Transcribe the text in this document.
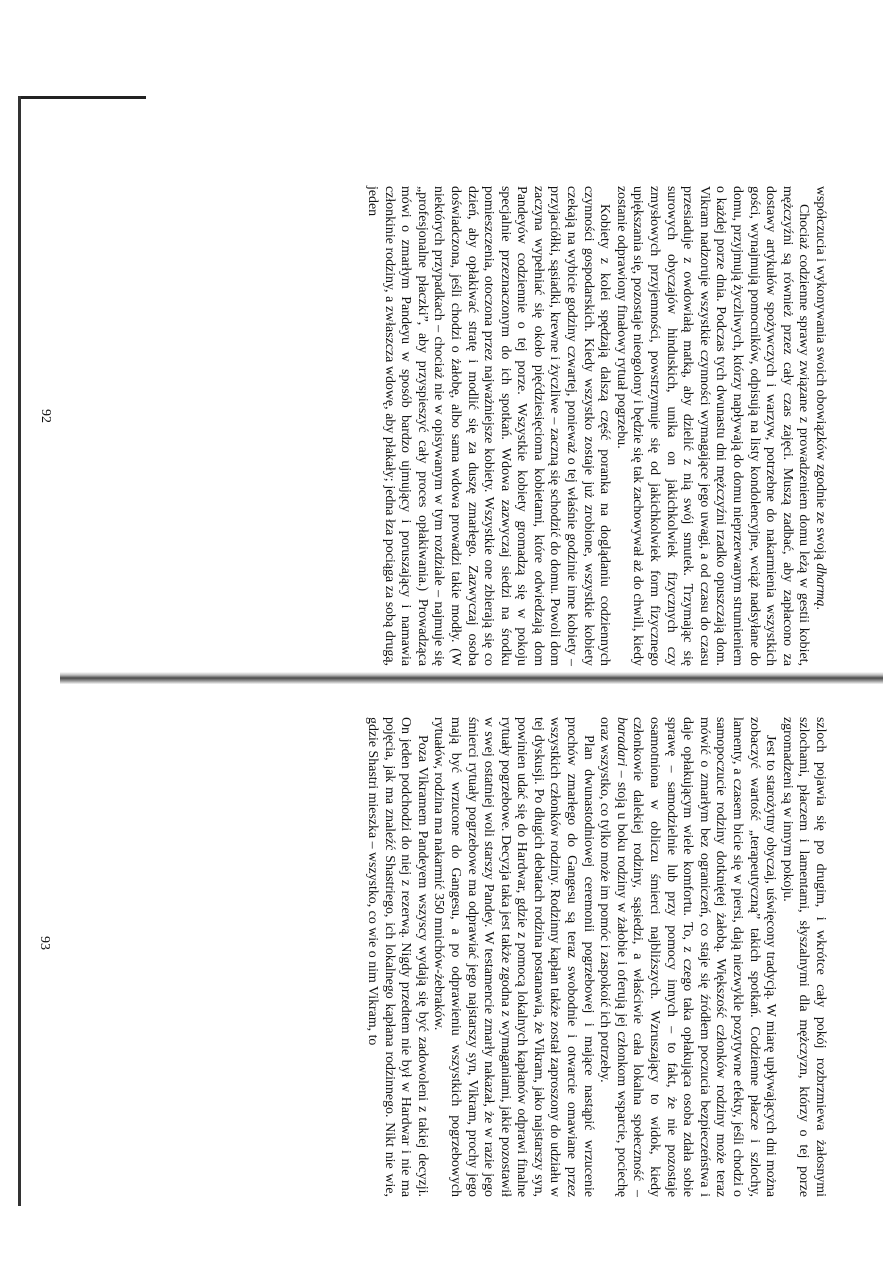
współczucia i wykonywania swoich obowiązków zgodnie ze swoją dharmą.

Chociaż codzienne sprawy związane z prowadzeniem domu leżą w gestii kobiet, mężczyźni są również przez cały czas zajęci. Muszą zadbać, aby zapłacono za dostawy artykułów spożywczych i warzyw, potrzebne do nakarmienia wszystkich gości, wynajmują pomocników, odpisują na listy kondolencyjne, wciąż nadsyłane do domu, przyjmują życzliwych, którzy napływają do domu nieprzerwanym strumieniem o każdej porze dnia. Podczas tych dwunastu dni mężczyźni rzadko opuszczają dom. Vikram nadzoruje wszystkie czynności wymagające jego uwagi, a od czasu do czasu przesiaduje z owdowiałą matką, aby dzielić z nią swój smutek. Trzymając się surowych obyczajów hinduskich, unika on jakichkolwiek fizycznych czy zmysłowych przyjemności, powstrzymuje się od jakichkolwiek form fizycznego upiększania się, pozostaje nieogolony i będzie się tak zachowywał aż do chwili, kiedy zostanie odprawiony finałowy rytuał pogrzebu.

Kobiety z kolei spędzają dalszą część poranka na doglądaniu codziennych czynności gospodarskich. Kiedy wszystko zostaje już zrobione, wszystkie kobiety czekają na wybicie godziny czwartej, ponieważ o tej właśnie godzinie inne kobiety – przyjaciółki, sąsiadki, krewne i życzliwe – zaczną się schodzić do domu. Powoli dom zaczyna wypełniać się około pięćdziesięcioma kobietami, które odwiedzają dom Pandeyów codziennie o tej porze. Wszystkie kobiety gromadzą się w pokoju specjalnie przeznaczonym do ich spotkań. Wdowa zazwyczaj siedzi na środku pomieszczenia, otoczona przez najważniejsze kobiety. Wszystkie one zbierają się co dzień, aby opłakiwać stratę i modlić się za duszę zmarłego. Zazwyczaj osoba doświadczona, jeśli chodzi o żałobę, albo sama wdowa prowadzi takie modły. (W niektórych przypadkach – chociaż nie w opisywanym w tym rozdziale – najmuje się „profesjonalne płaczki”, aby przyspieszyć cały proces opłakiwania.) Prowadząca mówi o zmarłym Pandeyu w sposób bardzo ujmujący i poruszający i namawia członkinie rodziny, a zwłaszcza wdowę, aby płakały; jedna łza pociąga za sobą drugą, jeden

92

szloch pojawia się po drugim, i wkrótce cały pokój rozbrzmiewa żałosnymi szlochami, płaczem i lamentami, słyszalnymi dla mężczyzn, którzy o tej porze zgromadzeni są w innym pokoju.

Jest to starożytny obyczaj, uświęcony tradycją. W miarę upływających dni można zobaczyć wartość „terapeutyczną” takich spotkań. Codzienne płacze i szlochy, lamenty, a czasem bicie się w piersi, dają niezwykle pozytywne efekty, jeśli chodzi o samopoczucie rodziny dotkniętej żałobą. Większość członków rodziny może teraz mówić o zmarłym bez ograniczeń, co staje się źródłem poczucia bezpieczeństwa i daje opłakującym wiele komfortu. To, z czego taka opłakująca osoba zdała sobie sprawę – samodzielnie lub przy pomocy innych – to fakt, że nie pozostaje osamotniona w obliczu śmierci najbliższych. Wzruszający to widok, kiedy członkowie dalekiej rodziny, sąsiedzi, a właściwie cała lokalna społeczność – baradari – stoją u boku rodziny w żałobie i oferują jej członkom wsparcie, pociechę oraz wszystko, co tylko może im pomóc i zaspokoić ich potrzeby.

Plan dwunastodniowej ceremonii pogrzebowej i mające nastąpić wrzucenie prochów zmarłego do Gangesu są teraz swobodnie i otwarcie omawiane przez wszystkich członków rodziny. Rodzinny kapłan także został zaproszony do udziału w tej dyskusji. Po długich debatach rodzina postanawia, że Vikram, jako najstarszy syn, powinien udać się do Hardwar, gdzie z pomocą lokalnych kapłanów odprawi finalne rytuały pogrzebowe. Decyzja taka jest także zgodna z wymaganiami, jakie pozostawił w swej ostatniej woli starszy Pandey. W testamencie zmarły nakazał, że w razie jego śmierci rytuały pogrzebowe ma odprawiać jego najstarszy syn, Vikram, prochy jego mają być wrzucone do Gangesu, a po odprawieniu wszystkich pogrzebowych rytuałów, rodzina ma nakarmić 350 mnichów-żebraków.

Poza Vikramem Pandeyem wszyscy wydają się być zadowoleni z takiej decyzji. On jeden podchodzi do niej z rezerwą. Nigdy przedtem nie był w Hardwar i nie ma pojęcia, jak ma znaleźć Shastriego, ich lokalnego kapłana rodzinnego. Nikt nie wie, gdzie Shastri mieszka – wszystko, co wie o nim Vikram, to

93
